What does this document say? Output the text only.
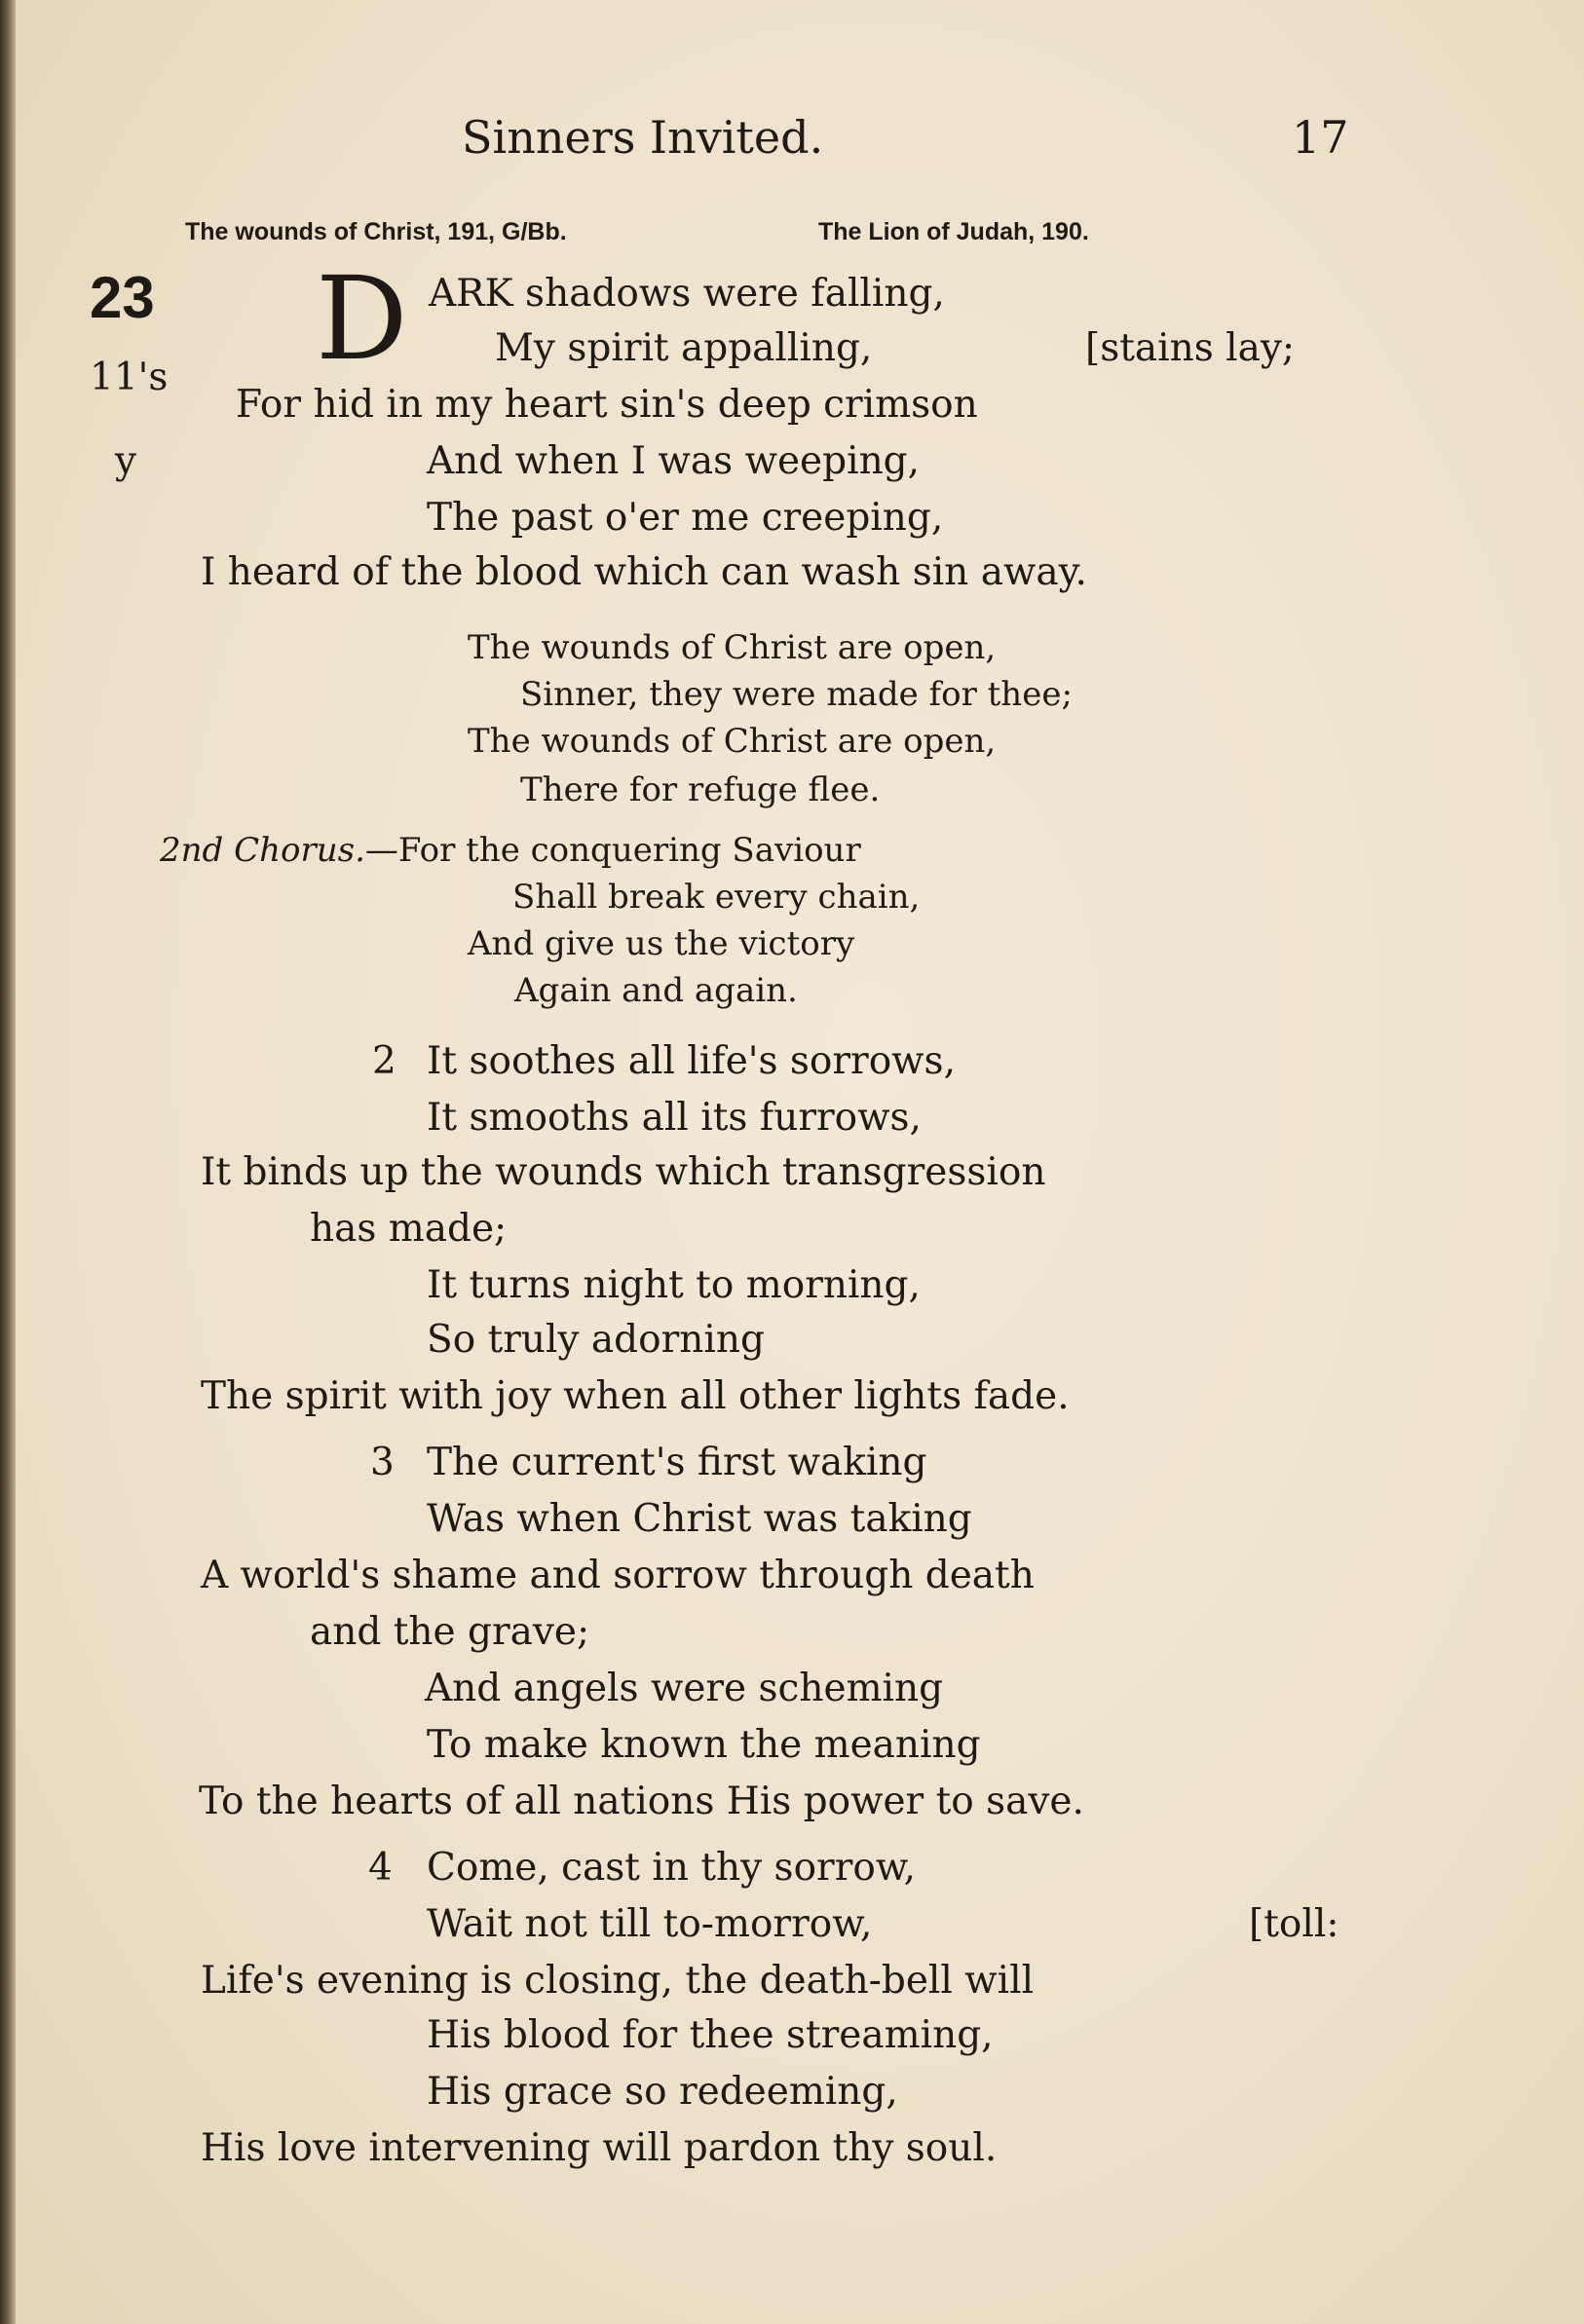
Sinners Invited.	17
The wounds of Christ, 191, G/Bb.	The Lion of Judah, 190.
23
11's
y
D ARK shadows were falling,
My spirit appalling,	[stains lay;
For hid in my heart sin's deep crimson
And when I was weeping,
The past o'er me creeping,
I heard of the blood which can wash sin away.
The wounds of Christ are open,
Sinner, they were made for thee;
The wounds of Christ are open,
There for refuge flee.
2nd Chorus.—For the conquering Saviour
Shall break every chain,
And give us the victory
Again and again.
2 It soothes all life's sorrows,
It smooths all its furrows,
It binds up the wounds which transgression
has made;
It turns night to morning,
So truly adorning
The spirit with joy when all other lights fade.
3 The current's first waking
Was when Christ was taking
A world's shame and sorrow through death
and the grave;
And angels were scheming
To make known the meaning
To the hearts of all nations His power to save.
4 Come, cast in thy sorrow,
Wait not till to-morrow,	[toll:
Life's evening is closing, the death-bell will
His blood for thee streaming,
His grace so redeeming,
His love intervening will pardon thy soul.
